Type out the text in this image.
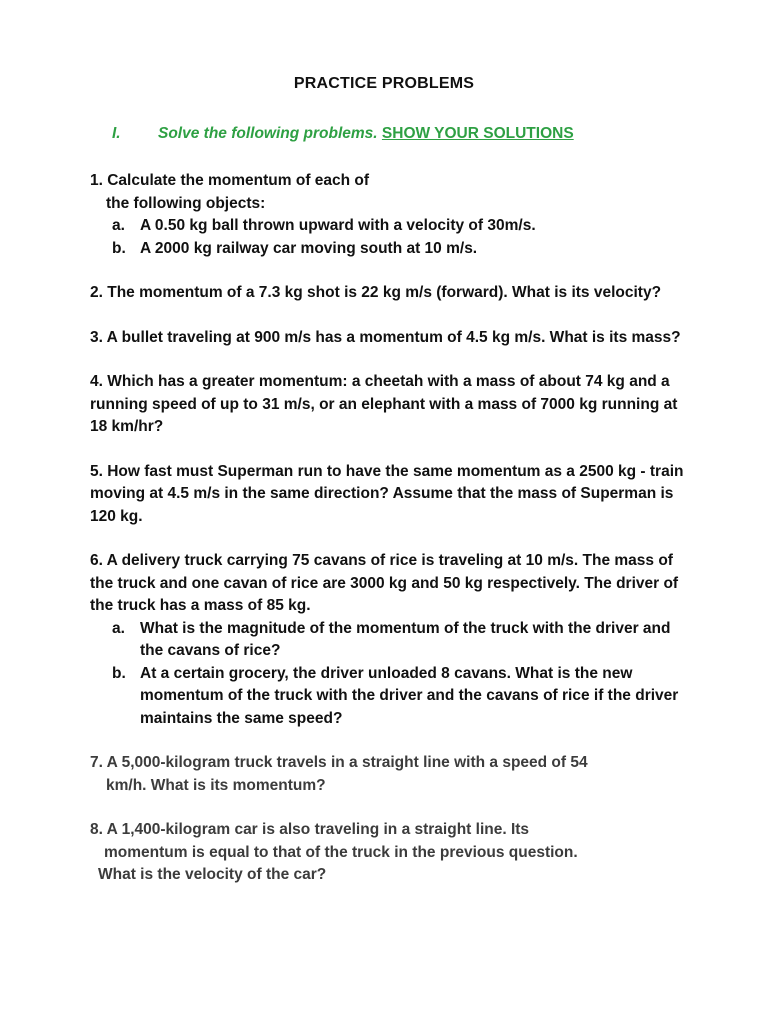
PRACTICE PROBLEMS
I. Solve the following problems. SHOW YOUR SOLUTIONS

1. Calculate the momentum of each of

the following objects:

a. A 0.50 kg ball thrown upward with a velocity of 30m/s.
b. A 2000 kg railway car moving south at 10 m/s.

2. The momentum of a 7.3 kg shot is 22 kg m/s (forward). What is its velocity?

3. A bullet traveling at 900 m/s has a momentum of 4.5 kg m/s. What is its mass?

4. Which has a greater momentum: a cheetah with a mass of about 74 kg and a running speed of up to 31 m/s, or an elephant with a mass of 7000 kg running at 18 km/hr?

5. How fast must Superman run to have the same momentum as a 2500 kg - train moving at 4.5 m/s in the same direction? Assume that the mass of Superman is 120 kg.

6. A delivery truck carrying 75 cavans of rice is traveling at 10 m/s. The mass of the truck and one cavan of rice are 3000 kg and 50 kg respectively. The driver of the truck has a mass of 85 kg.

a. What is the magnitude of the momentum of the truck with the driver and the cavans of rice?
b. At a certain grocery, the driver unloaded 8 cavans. What is the new momentum of the truck with the driver and the cavans of rice if the driver maintains the same speed?

7. A 5,000-kilogram truck travels in a straight line with a speed of 54

km/h. What is its momentum?

8. A 1,400-kilogram car is also traveling in a straight line. Its

momentum is equal to that of the truck in the previous question.

What is the velocity of the car?
